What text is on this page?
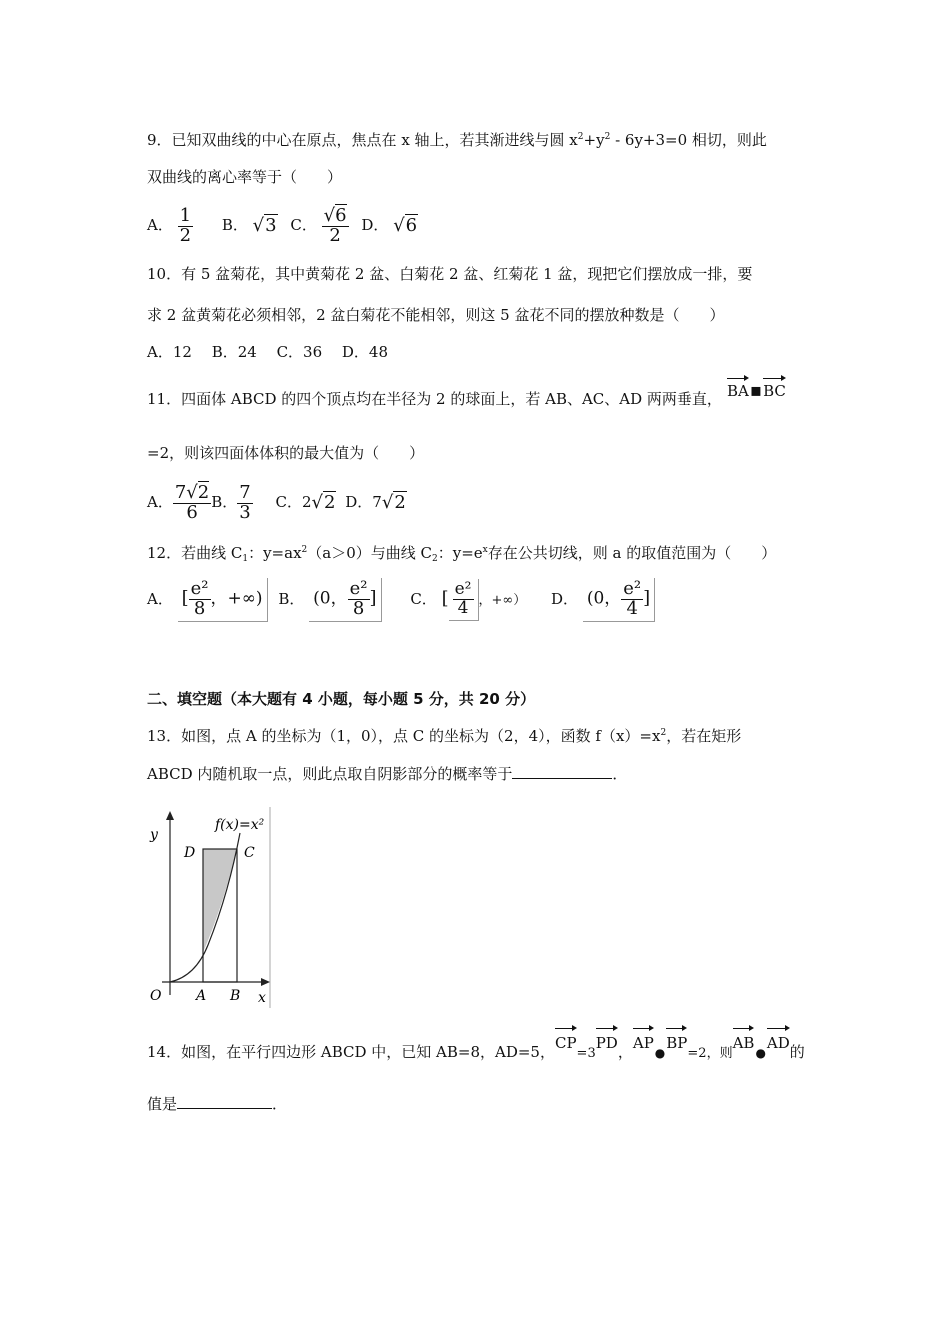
9．已知双曲线的中心在原点，焦点在 x 轴上，若其渐进线与圆 $x^2+y^2 - 6y+3=0$ 相切，则此
双曲线的离心率等于（　　）
A． $\frac{1}{2}$ B． √3 C． $\frac{√6}{2}$ D． √6
10．有 5 盆菊花，其中黄菊花 2 盆、白菊花 2 盆、红菊花 1 盆，现把它们摆放成一排，要
求 2 盆黄菊花必须相邻，2 盆白菊花不能相邻，则这 5 盆花不同的摆放种数是（　　）
A．12　 B．24　 C．36　 D．48
11．四面体 ABCD 的四个顶点均在半径为 2 的球面上，若 AB、AC、AD 两两垂直， BA▪BC
=2，则该四面体体积的最大值为（　　）
A． $\frac{7√2}{6}$ B． $\frac{7}{3}$ C．2√2 D．7√2
12．若曲线 $C_1$：$y=ax^2(a>0)$与曲线 $C_2$：$y=e^x$存在公共切线，则 a 的取值范围为（　　）
A． [ $\frac{\text{e²}}{8}$ ，+∞) B． (0， $\frac{\text{e²}}{8}$ ] C． [ $\frac{\text{e²}}{4}$ ，+∞） D． (0， $\frac{\text{e²}}{4}$ ]
二、填空题（本大题有 4 小题，每小题 5 分，共 20 分）
13．如图，点 A 的坐标为（1，0），点 C 的坐标为（2，4），函数 $f(x)=x^2$，若在矩形
ABCD 内随机取一点，则此点取自阴影部分的概率等于	．
f(x)=x²
y
D	C
O A B x
14．如图，在平行四边形 ABCD 中，已知 AB=8，AD=5，CP=3PD，AP●BP=2，则AB●AD的
值是	．
